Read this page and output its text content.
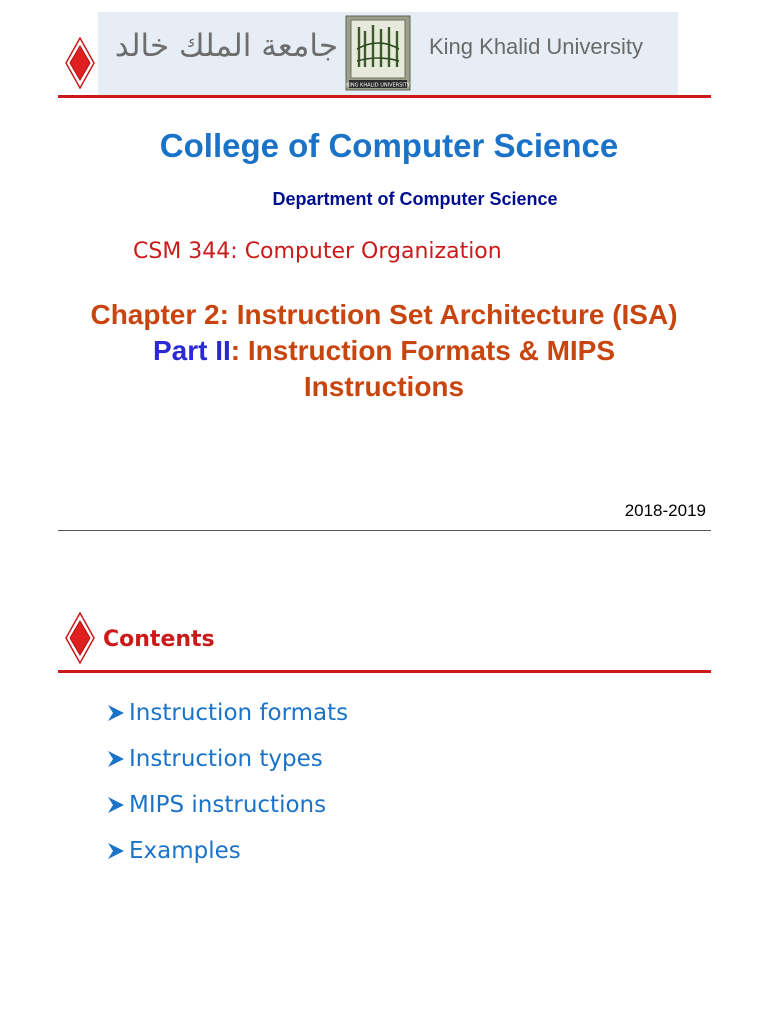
جامعة الملك خالد
KING KHALID UNIVERSITY
King Khalid University
College of Computer Science
Department of Computer Science
CSM 344: Computer Organization
Chapter 2: Instruction Set Architecture (ISA)
Part II: Instruction Formats & MIPS
Instructions
2018-2019
Contents
Instruction formats
Instruction types
MIPS instructions
Examples
